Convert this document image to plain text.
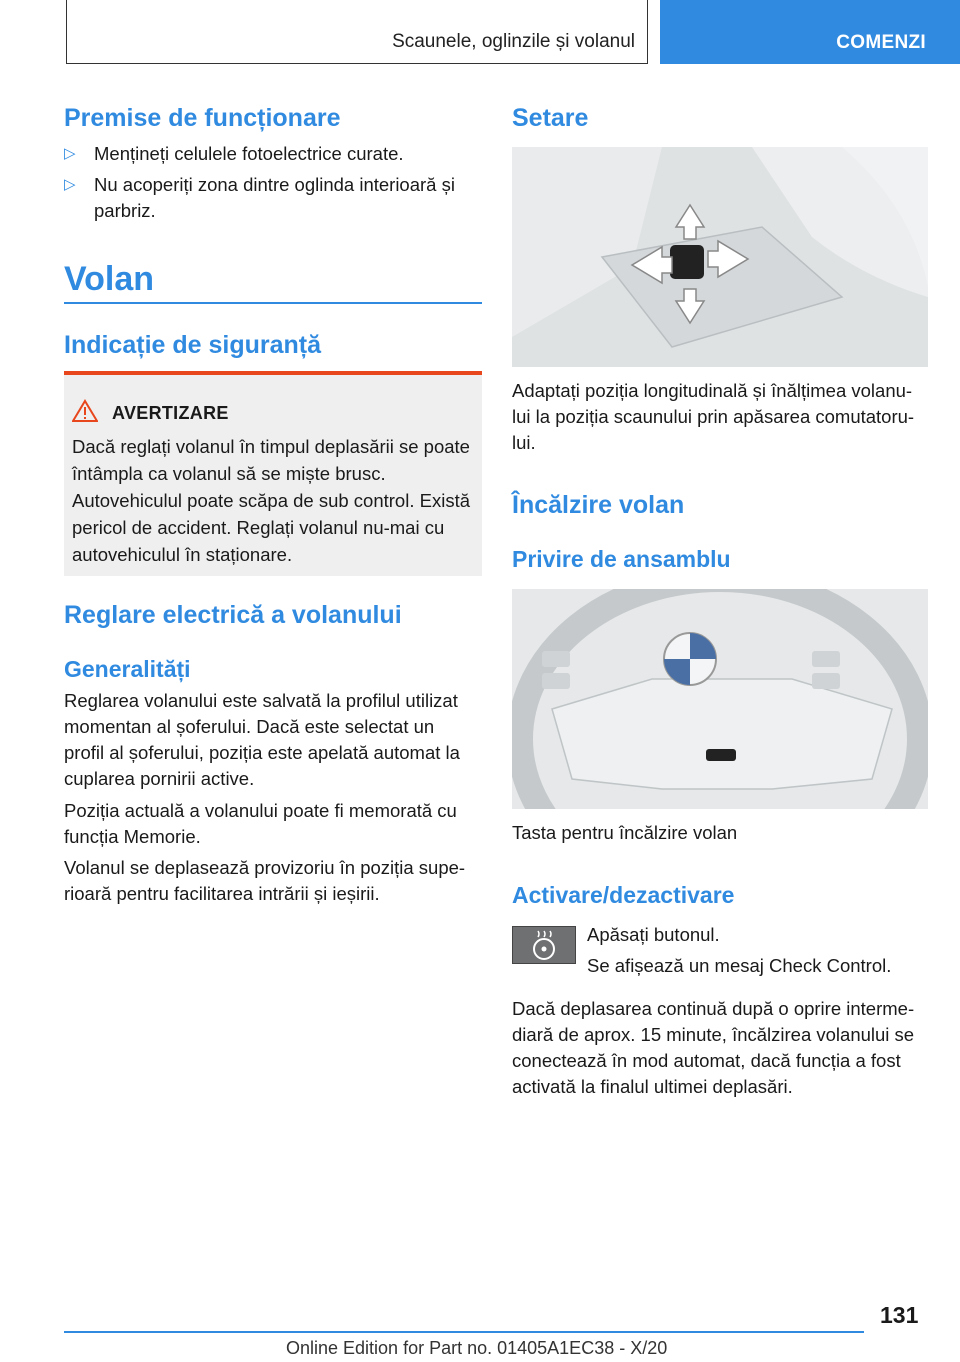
Scaunele, oglinzile și volanul	COMENZI
Premise de funcționare
▷ Mențineți celulele fotoelectrice curate.
▷ Nu acoperiți zona dintre oglinda interioară și parbriz.
Volan
Indicație de siguranță
AVERTIZARE
Dacă reglați volanul în timpul deplasării se poate întâmpla ca volanul să se miște brusc. Autovehiculul poate scăpa de sub control. Există pericol de accident. Reglați volanul nu-mai cu autovehiculul în staționare.
Reglare electrică a volanului
Generalități
Reglarea volanului este salvată la profilul utilizat momentan al șoferului. Dacă este selectat un profil al șoferului, poziția este apelată automat la cuplarea pornirii active.
Poziția actuală a volanului poate fi memorată cu funcția Memorie.
Volanul se deplasează provizoriu în poziția supe-rioară pentru facilitarea intrării și ieșirii.
Setare
Adaptați poziția longitudinală și înălțimea volanu-lui la poziția scaunului prin apăsarea comutatoru-lui.
Încălzire volan
Privire de ansamblu
Tasta pentru încălzire volan
Activare/dezactivare
Apăsați butonul.
Se afișează un mesaj Check Control.
Dacă deplasarea continuă după o oprire interme-diară de aprox. 15 minute, încălzirea volanului se conectează în mod automat, dacă funcția a fost activată la finalul ultimei deplasări.
131
Online Edition for Part no. 01405A1EC38 - X/20
